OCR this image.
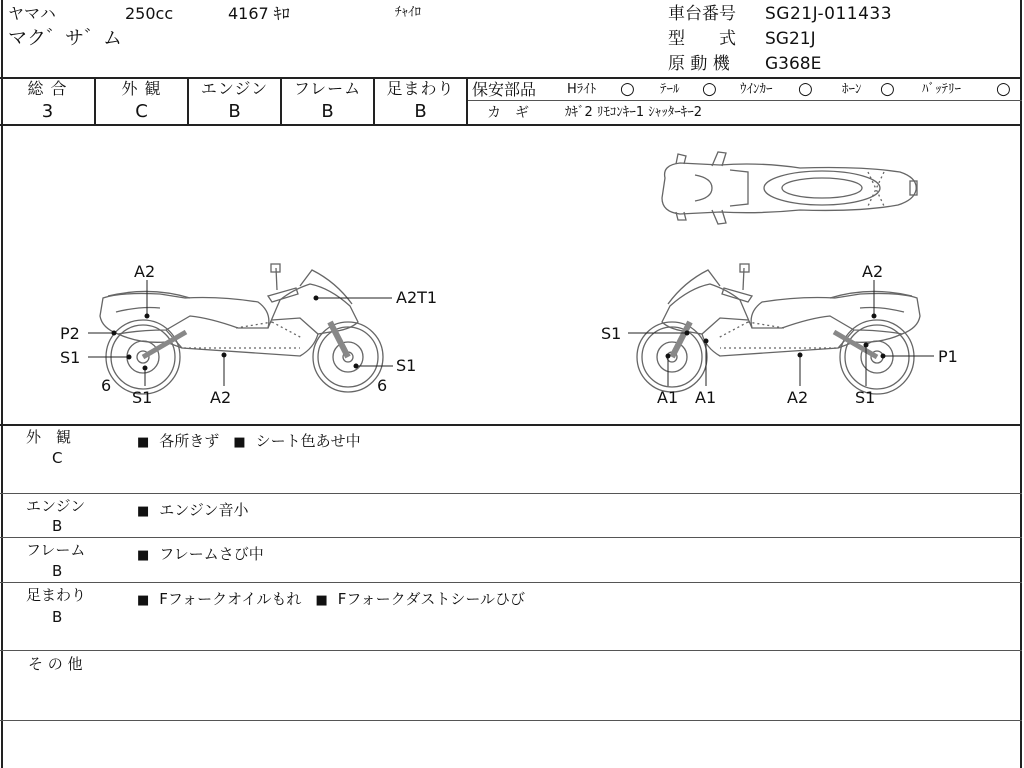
ヤマハ	250cc	4167 ｷﾛ	ﾁｬｲﾛ
マク゛サ゛ム
車台番号 SG21J-011433
型　　式 SG21J
原 動 機 G368E
総 合
3
外 観
C
エンジン
B
フレーム
B
足まわり
B
保安部品 Hﾗｲﾄ ○ ﾃｰﾙ ○ ｳｲﾝｶｰ ○ ﾎｰﾝ ○ ﾊﾞｯﾃﾘｰ ○
カ　ギ	ｶｷﾞ2 ﾘﾓｺﾝｷｰ1 ｼｬｯﾀｰｷｰ2
A2
A2T1
P2
S1
6
S1	A2
S1
6
A2
S1
P1
A1 A1	A2	S1
外　観
C
■ 各所きず	■ シート色あせ中
エンジン
B
■ エンジン音小
フレーム
B
■ フレームさび中
足まわり
B
■ Fフォークオイルもれ	■ Fフォークダストシールひび
そ の 他
